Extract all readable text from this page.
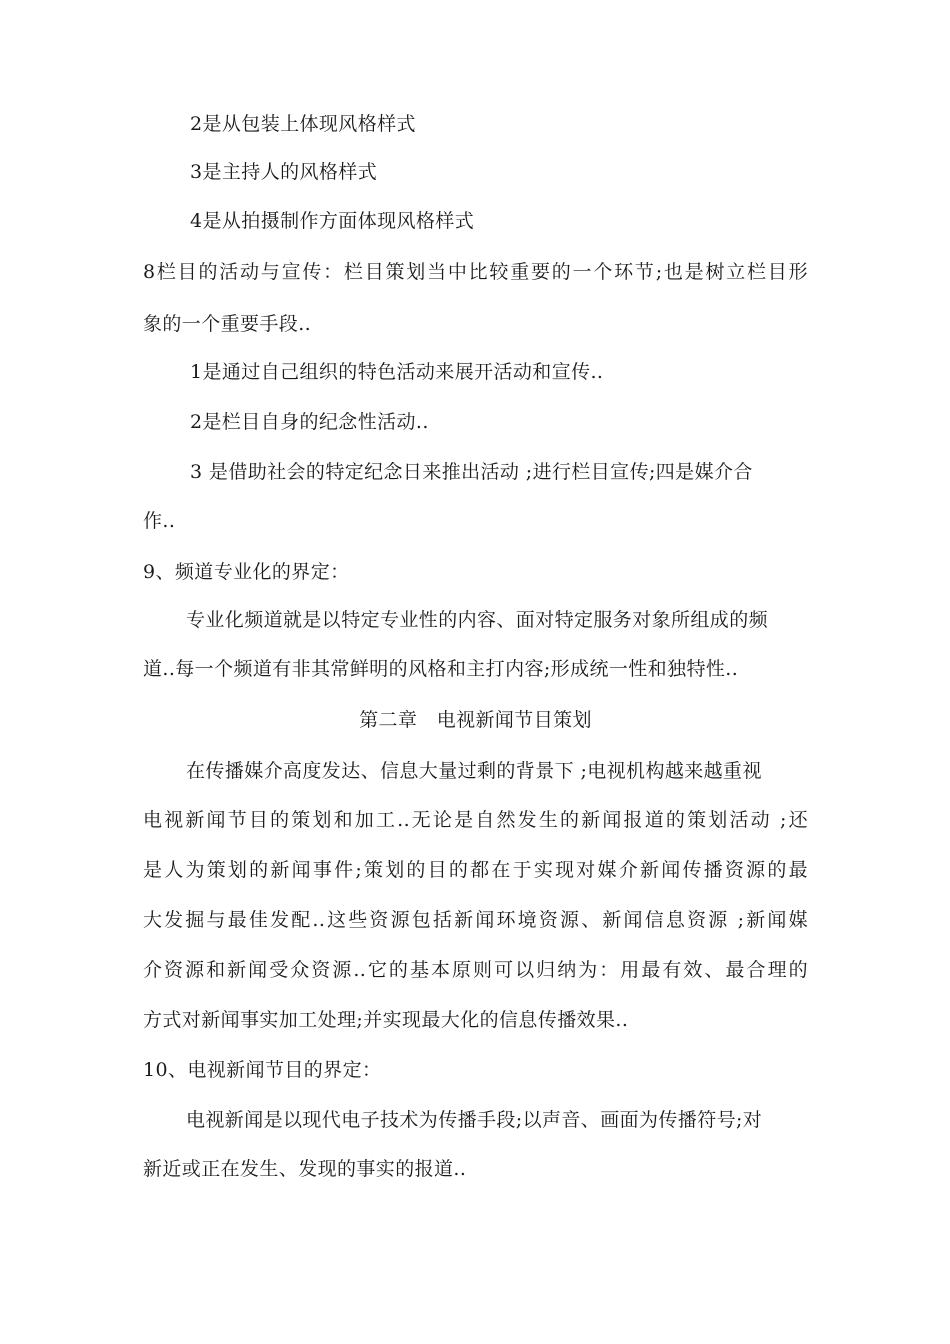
2是从包装上体现风格样式
3是主持人的风格样式
4是从拍摄制作方面体现风格样式
8栏目的活动与宣传：栏目策划当中比较重要的一个环节;也是树立栏目形
象的一个重要手段..
1是通过自己组织的特色活动来展开活动和宣传..
2是栏目自身的纪念性活动..
3 是借助社会的特定纪念日来推出活动 ;进行栏目宣传;四是媒介合
作..
9、频道专业化的界定：
专业化频道就是以特定专业性的内容、面对特定服务对象所组成的频
道..每一个频道有非其常鲜明的风格和主打内容;形成统一性和独特性..
第二章　电视新闻节目策划
在传播媒介高度发达、信息大量过剩的背景下 ;电视机构越来越重视
电视新闻节目的策划和加工..无论是自然发生的新闻报道的策划活动 ;还
是人为策划的新闻事件;策划的目的都在于实现对媒介新闻传播资源的最
大发掘与最佳发配..这些资源包括新闻环境资源、新闻信息资源 ;新闻媒
介资源和新闻受众资源..它的基本原则可以归纳为：用最有效、最合理的
方式对新闻事实加工处理;并实现最大化的信息传播效果..
10、电视新闻节目的界定：
电视新闻是以现代电子技术为传播手段;以声音、画面为传播符号;对
新近或正在发生、发现的事实的报道..
